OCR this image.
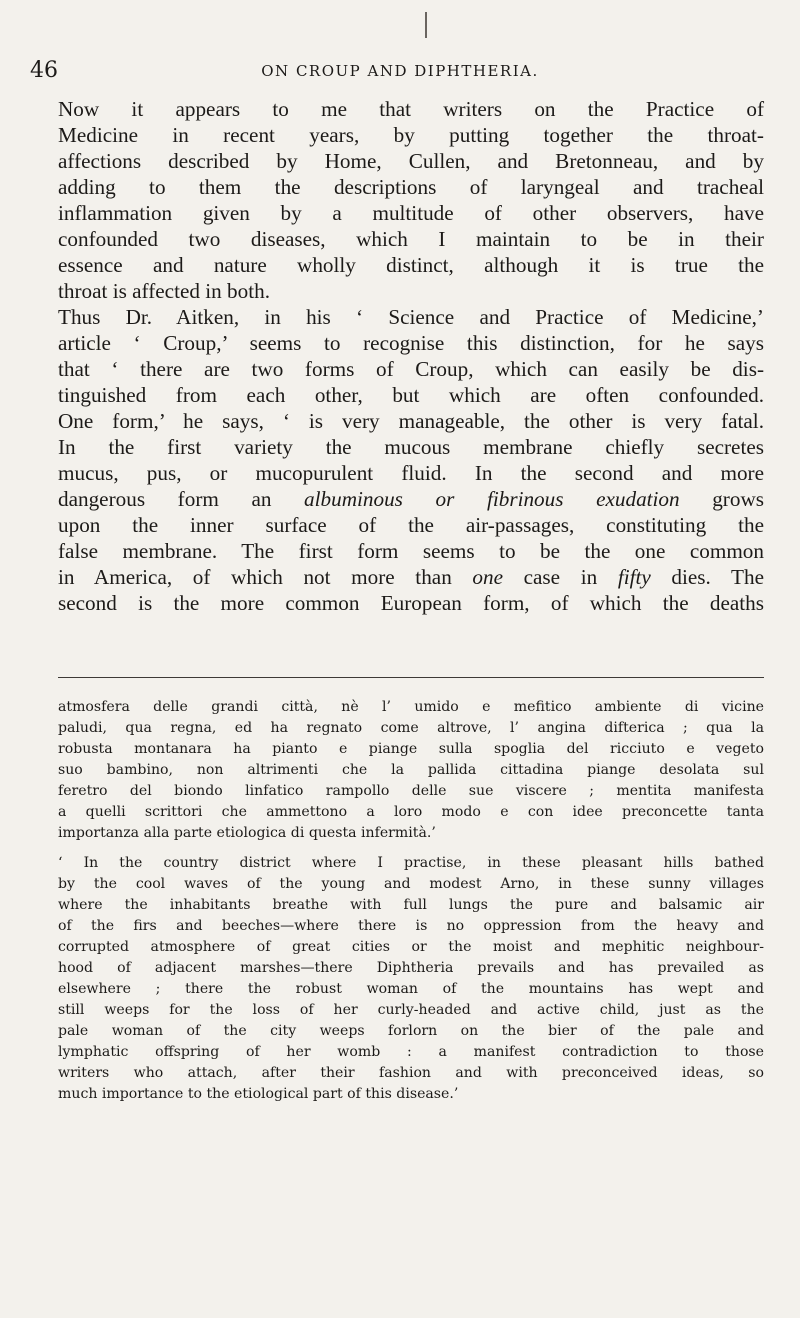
46	ON CROUP AND DIPHTHERIA.
Now it appears to me that writers on the Practice of
Medicine in recent years, by putting together the throat-
affections described by Home, Cullen, and Bretonneau, and by
adding to them the descriptions of laryngeal and tracheal
inflammation given by a multitude of other observers, have
confounded two diseases, which I maintain to be in their
essence and nature wholly distinct, although it is true the
throat is affected in both.
Thus Dr. Aitken, in his ‘ Science and Practice of Medicine,’
article ‘ Croup,’ seems to recognise this distinction, for he says
that ‘ there are two forms of Croup, which can easily be dis-
tinguished from each other, but which are often confounded.
One form,’ he says, ‘ is very manageable, the other is very fatal.
In the first variety the mucous membrane chiefly secretes
mucus, pus, or mucopurulent fluid. In the second and more
dangerous form an albuminous or fibrinous exudation grows
upon the inner surface of the air-passages, constituting the
false membrane. The first form seems to be the one common
in America, of which not more than one case in fifty dies. The
second is the more common European form, of which the deaths
atmosfera delle grandi città, nè l’ umido e mefitico ambiente di vicine
paludi, qua regna, ed ha regnato come altrove, l’ angina difterica ; qua la
robusta montanara ha pianto e piange sulla spoglia del ricciuto e vegeto
suo bambino, non altrimenti che la pallida cittadina piange desolata sul
feretro del biondo linfatico rampollo delle sue viscere ; mentita manifesta
a quelli scrittori che ammettono a loro modo e con idee preconcette tanta
importanza alla parte etiologica di questa infermità.’
‘ In the country district where I practise, in these pleasant hills bathed
by the cool waves of the young and modest Arno, in these sunny villages
where the inhabitants breathe with full lungs the pure and balsamic air
of the firs and beeches—where there is no oppression from the heavy and
corrupted atmosphere of great cities or the moist and mephitic neighbour-
hood of adjacent marshes—there Diphtheria prevails and has prevailed as
elsewhere ; there the robust woman of the mountains has wept and
still weeps for the loss of her curly-headed and active child, just as the
pale woman of the city weeps forlorn on the bier of the pale and
lymphatic offspring of her womb : a manifest contradiction to those
writers who attach, after their fashion and with preconceived ideas, so
much importance to the etiological part of this disease.’
